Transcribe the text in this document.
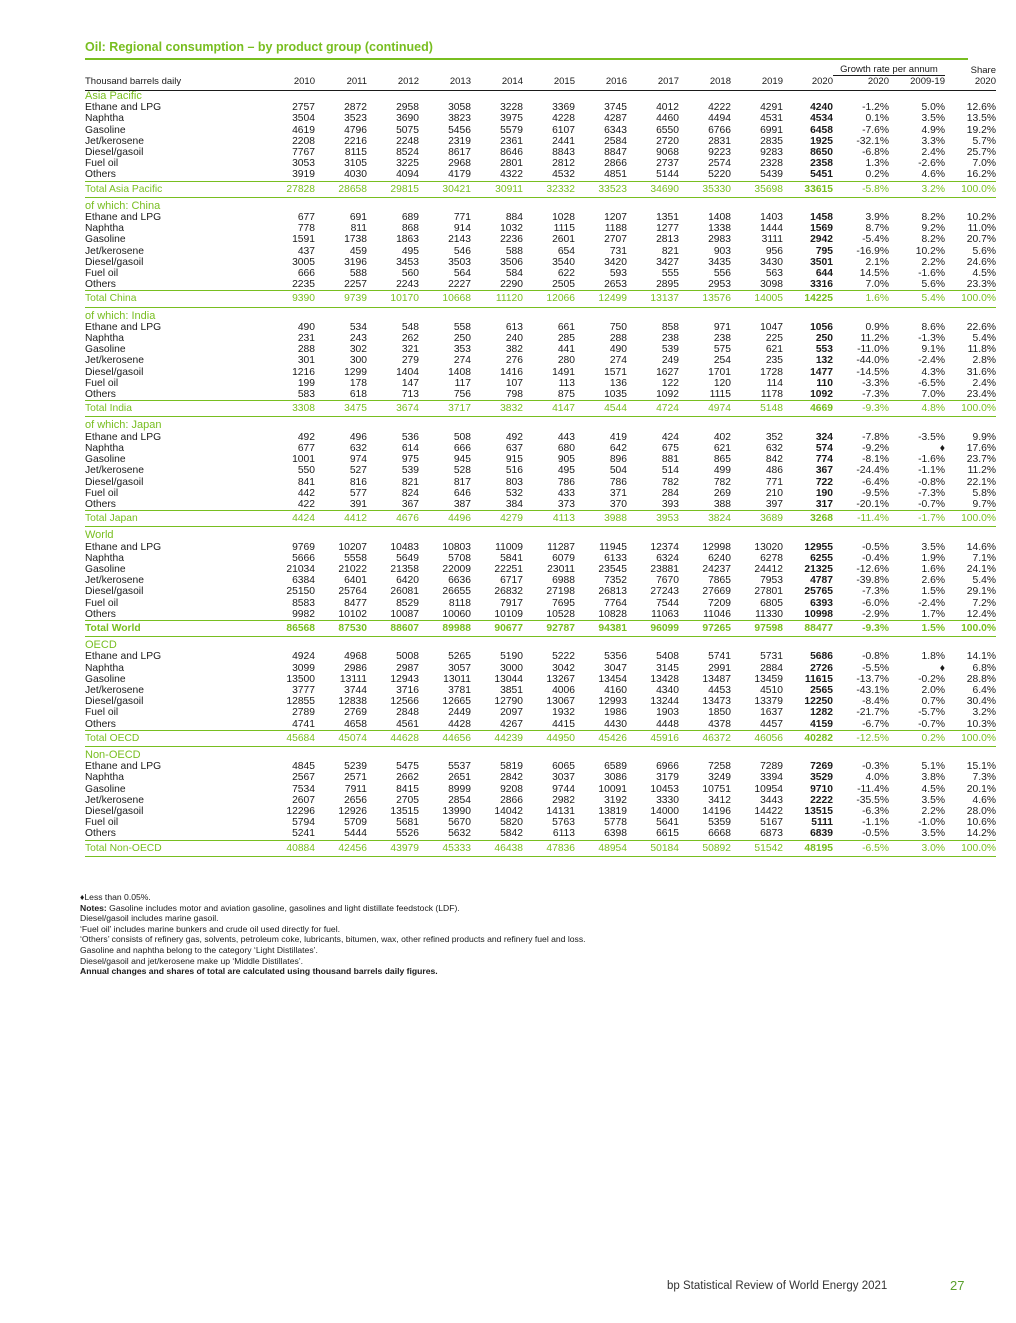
Oil: Regional consumption – by product group (continued)
												Growth rate per annum		Share
Thousand barrels daily	2010	2011	2012	2013	2014	2015	2016	2017	2018	2019	2020	2020	2009-19	2020
Asia Pacific														
Ethane and LPG	2757	2872	2958	3058	3228	3369	3745	4012	4222	4291	4240	-1.2%	5.0%	12.6%
Naphtha	3504	3523	3690	3823	3975	4228	4287	4460	4494	4531	4534	0.1%	3.5%	13.5%
Gasoline	4619	4796	5075	5456	5579	6107	6343	6550	6766	6991	6458	-7.6%	4.9%	19.2%
Jet/kerosene	2208	2216	2248	2319	2361	2441	2584	2720	2831	2835	1925	-32.1%	3.3%	5.7%
Diesel/gasoil	7767	8115	8524	8617	8646	8843	8847	9068	9223	9283	8650	-6.8%	2.4%	25.7%
Fuel oil	3053	3105	3225	2968	2801	2812	2866	2737	2574	2328	2358	1.3%	-2.6%	7.0%
Others	3919	4030	4094	4179	4322	4532	4851	5144	5220	5439	5451	0.2%	4.6%	16.2%
Total Asia Pacific	27828	28658	29815	30421	30911	32332	33523	34690	35330	35698	33615	-5.8%	3.2%	100.0%

of which: China														
Ethane and LPG	677	691	689	771	884	1028	1207	1351	1408	1403	1458	3.9%	8.2%	10.2%
Naphtha	778	811	868	914	1032	1115	1188	1277	1338	1444	1569	8.7%	9.2%	11.0%
Gasoline	1591	1738	1863	2143	2236	2601	2707	2813	2983	3111	2942	-5.4%	8.2%	20.7%
Jet/kerosene	437	459	495	546	588	654	731	821	903	956	795	-16.9%	10.2%	5.6%
Diesel/gasoil	3005	3196	3453	3503	3506	3540	3420	3427	3435	3430	3501	2.1%	2.2%	24.6%
Fuel oil	666	588	560	564	584	622	593	555	556	563	644	14.5%	-1.6%	4.5%
Others	2235	2257	2243	2227	2290	2505	2653	2895	2953	3098	3316	7.0%	5.6%	23.3%
Total China	9390	9739	10170	10668	11120	12066	12499	13137	13576	14005	14225	1.6%	5.4%	100.0%

of which: India														
Ethane and LPG	490	534	548	558	613	661	750	858	971	1047	1056	0.9%	8.6%	22.6%
Naphtha	231	243	262	250	240	285	288	238	238	225	250	11.2%	-1.3%	5.4%
Gasoline	288	302	321	353	382	441	490	539	575	621	553	-11.0%	9.1%	11.8%
Jet/kerosene	301	300	279	274	276	280	274	249	254	235	132	-44.0%	-2.4%	2.8%
Diesel/gasoil	1216	1299	1404	1408	1416	1491	1571	1627	1701	1728	1477	-14.5%	4.3%	31.6%
Fuel oil	199	178	147	117	107	113	136	122	120	114	110	-3.3%	-6.5%	2.4%
Others	583	618	713	756	798	875	1035	1092	1115	1178	1092	-7.3%	7.0%	23.4%
Total India	3308	3475	3674	3717	3832	4147	4544	4724	4974	5148	4669	-9.3%	4.8%	100.0%

of which: Japan														
Ethane and LPG	492	496	536	508	492	443	419	424	402	352	324	-7.8%	-3.5%	9.9%
Naphtha	677	632	614	666	637	680	642	675	621	632	574	-9.2%	♦	17.6%
Gasoline	1001	974	975	945	915	905	896	881	865	842	774	-8.1%	-1.6%	23.7%
Jet/kerosene	550	527	539	528	516	495	504	514	499	486	367	-24.4%	-1.1%	11.2%
Diesel/gasoil	841	816	821	817	803	786	786	782	782	771	722	-6.4%	-0.8%	22.1%
Fuel oil	442	577	824	646	532	433	371	284	269	210	190	-9.5%	-7.3%	5.8%
Others	422	391	367	387	384	373	370	393	388	397	317	-20.1%	-0.7%	9.7%
Total Japan	4424	4412	4676	4496	4279	4113	3988	3953	3824	3689	3268	-11.4%	-1.7%	100.0%

World														
Ethane and LPG	9769	10207	10483	10803	11009	11287	11945	12374	12998	13020	12955	-0.5%	3.5%	14.6%
Naphtha	5666	5558	5649	5708	5841	6079	6133	6324	6240	6278	6255	-0.4%	1.9%	7.1%
Gasoline	21034	21022	21358	22009	22251	23011	23545	23881	24237	24412	21325	-12.6%	1.6%	24.1%
Jet/kerosene	6384	6401	6420	6636	6717	6988	7352	7670	7865	7953	4787	-39.8%	2.6%	5.4%
Diesel/gasoil	25150	25764	26081	26655	26832	27198	26813	27243	27669	27801	25765	-7.3%	1.5%	29.1%
Fuel oil	8583	8477	8529	8118	7917	7695	7764	7544	7209	6805	6393	-6.0%	-2.4%	7.2%
Others	9982	10102	10087	10060	10109	10528	10828	11063	11046	11330	10998	-2.9%	1.7%	12.4%
Total World	86568	87530	88607	89988	90677	92787	94381	96099	97265	97598	88477	-9.3%	1.5%	100.0%

OECD														
Ethane and LPG	4924	4968	5008	5265	5190	5222	5356	5408	5741	5731	5686	-0.8%	1.8%	14.1%
Naphtha	3099	2986	2987	3057	3000	3042	3047	3145	2991	2884	2726	-5.5%	♦	6.8%
Gasoline	13500	13111	12943	13011	13044	13267	13454	13428	13487	13459	11615	-13.7%	-0.2%	28.8%
Jet/kerosene	3777	3744	3716	3781	3851	4006	4160	4340	4453	4510	2565	-43.1%	2.0%	6.4%
Diesel/gasoil	12855	12838	12566	12665	12790	13067	12993	13244	13473	13379	12250	-8.4%	0.7%	30.4%
Fuel oil	2789	2769	2848	2449	2097	1932	1986	1903	1850	1637	1282	-21.7%	-5.7%	3.2%
Others	4741	4658	4561	4428	4267	4415	4430	4448	4378	4457	4159	-6.7%	-0.7%	10.3%
Total OECD	45684	45074	44628	44656	44239	44950	45426	45916	46372	46056	40282	-12.5%	0.2%	100.0%

Non-OECD														
Ethane and LPG	4845	5239	5475	5537	5819	6065	6589	6966	7258	7289	7269	-0.3%	5.1%	15.1%
Naphtha	2567	2571	2662	2651	2842	3037	3086	3179	3249	3394	3529	4.0%	3.8%	7.3%
Gasoline	7534	7911	8415	8999	9208	9744	10091	10453	10751	10954	9710	-11.4%	4.5%	20.1%
Jet/kerosene	2607	2656	2705	2854	2866	2982	3192	3330	3412	3443	2222	-35.5%	3.5%	4.6%
Diesel/gasoil	12296	12926	13515	13990	14042	14131	13819	14000	14196	14422	13515	-6.3%	2.2%	28.0%
Fuel oil	5794	5709	5681	5670	5820	5763	5778	5641	5359	5167	5111	-1.1%	-1.0%	10.6%
Others	5241	5444	5526	5632	5842	6113	6398	6615	6668	6873	6839	-0.5%	3.5%	14.2%
Total Non-OECD	40884	42456	43979	45333	46438	47836	48954	50184	50892	51542	48195	-6.5%	3.0%	100.0%
♦Less than 0.05%.
Notes: Gasoline includes motor and aviation gasoline, gasolines and light distillate feedstock (LDF).
Diesel/gasoil includes marine gasoil.
‘Fuel oil’ includes marine bunkers and crude oil used directly for fuel.
‘Others’ consists of refinery gas, solvents, petroleum coke, lubricants, bitumen, wax, other refined products and refinery fuel and loss.
Gasoline and naphtha belong to the category ‘Light Distillates’.
Diesel/gasoil and jet/kerosene make up ‘Middle Distillates’.
Annual changes and shares of total are calculated using thousand barrels daily figures.
bp Statistical Review of World Energy 2021	27
